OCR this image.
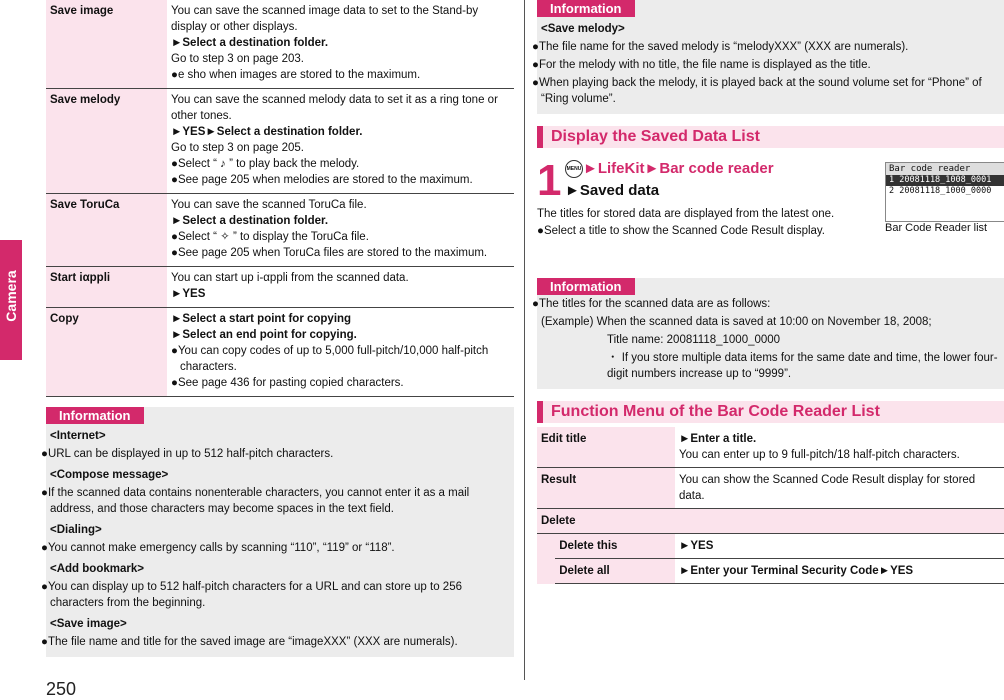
Camera
250
Save image	You can save the scanned image data to set to the Stand-by display or other displays.
►Select a destination folder.
Go to step 3 on page 203.
●e sho when images are stored to the maximum.

Save melody	You can save the scanned melody data to set it as a ring tone or other tones.
►YES►Select a destination folder.
Go to step 3 on page 205.
●Select “ ♪ ” to play back the melody.
●See page 205 when melodies are stored to the maximum.

Save ToruCa	You can save the scanned ToruCa file.
►Select a destination folder.
●Select “ ✧ ” to display the ToruCa file.
●See page 205 when ToruCa files are stored to the maximum.

Start iαppli	You can start up i-αppli from the scanned data.
►YES

Copy	►Select a start point for copying
►Select an end point for copying.
●You can copy codes of up to 5,000 full-pitch/10,000 half-pitch characters.
●See page 436 for pasting copied characters.
Information

<Internet>

●URL can be displayed in up to 512 half-pitch characters.

<Compose message>

●If the scanned data contains nonenterable characters, you cannot enter it as a mail address, and those characters may become spaces in the text field.

<Dialing>

●You cannot make emergency calls by scanning “110”, “119” or “118”.

<Add bookmark>

●You can display up to 512 half-pitch characters for a URL and can store up to 256 characters from the beginning.

<Save image>

●The file name and title for the saved image are “imageXXX” (XXX are numerals).

Information

<Save melody>

●The file name for the saved melody is “melodyXXX” (XXX are numerals).

●For the melody with no title, the file name is displayed as the title.

●When playing back the melody, it is played back at the sound volume set for “Phone” of “Ring volume”.

Display the Saved Data List
1	MENU ►LifeKit►Bar code reader
►Saved data
The titles for stored data are displayed from the latest one.
●Select a title to show the Scanned Code Result display.
Bar code reader
1 20081118_1008_0001
2 20081118_1000_0000
Bar Code Reader list
Information

●The titles for the scanned data are as follows:

(Example) When the scanned data is saved at 10:00 on November 18, 2008;

Title name: 20081118_1000_0000

・ If you store multiple data items for the same date and time, the lower four-digit numbers increase up to “9999”.

Function Menu of the Bar Code Reader List
Edit title		►Enter a title.
You can enter up to 9 full-pitch/18 half-pitch characters.

Result		You can show the Scanned Code Result display for stored data.

Delete		
	Delete this	►YES
	Delete all	►Enter your Terminal Security Code►YES
